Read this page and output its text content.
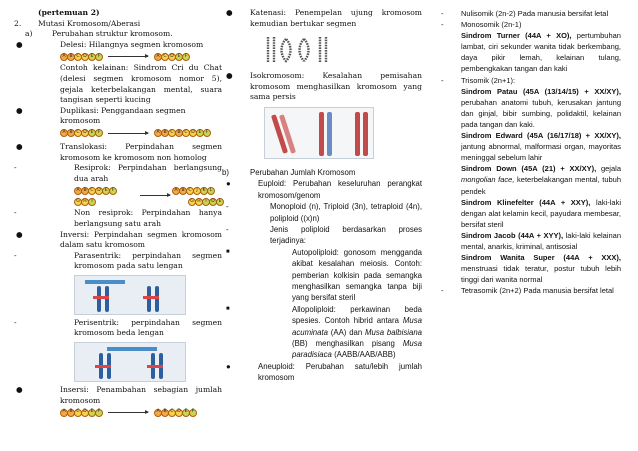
(pertemuan 2)
2. Mutasi Kromosom/Aberasi
a)	Perubahan struktur kromosom.
●	Delesi: Hilangnya segmen kromosom
A B C D E F	A C D E F
Contoh kelainan: Sindrom Cri du Chat (delesi segmen kromosom nomor 5), gejala keterbelakangan mental, suara tangisan seperti kucing
●	Duplikasi: Penggandaan segmen kromosom
A B C D E F	A B C B C D E F
●	Translokasi: Perpindahan segmen kromosom ke kromosom non homolog
-	Resiprok: Perpindahan berlangsung dua arah
A B C D E F
G H	I
A B C	J	K L
G H	I	D E
-	Non resiprok: Perpindahan hanya berlangsung satu arah
●	Inversi: Perpindahan segmen kromosom dalam satu kromosom
-	Parasentrik: perpindahan segmen kromosom pada satu lengan
-	Perisentrik: perpindahan segmen kromosom beda lengan
●	Insersi: Penambahan sebagian jumlah kromosom
A B C D E F	A B C D E F
● Katenasi: Penempelan ujung kromosom kemudian bertukar segmen
● Isokromosom: Kesalahan pemisahan kromosom menghasilkan kromosom yang sama persis
b)	Perubahan Jumlah Kromosom
●	Euploid: Perubahan keseluruhan perangkat kromosom/genom
-	Monoploid (n), Triploid (3n), tetraploid (4n), poliploid ((x)n)
-	Jenis poliploid berdasarkan proses terjadinya:
■	Autopoliploid: gonosom mengganda akibat kesalahan meiosis. Contoh: pemberian kolkisin pada semangka menghasilkan semangka tanpa biji yang bersifat steril
■	Allopoliploid: perkawinan beda spesies. Contoh hibrid antara Musa acuminata (AA) dan Musa balbisiana (BB) menghasilkan pisang Musa paradisiaca (AABB/AAB/ABB)
●	Aneuploid: Perubahan satu/lebih jumlah kromosom
- Nulisomik (2n-2) Pada manusia bersifat letal
- Monosomik (2n-1)
Sindrom Turner (44A + XO), pertumbuhan lambat, ciri sekunder wanita tidak berkembang, daya pikir lemah, kelainan tulang, pembengkakan tangan dan kaki
- Trisomik (2n+1):
Sindrom Patau (45A (13/14/15) + XX/XY), perubahan anatomi tubuh, kerusakan jantung dan ginjal, bibir sumbing, polidaktil, kelainan pada tangan dan kaki.
Sindrom Edward (45A (16/17/18) + XX/XY), jantung abnormal, malformasi organ, mayoritas meninggal sebelum lahir
Sindrom Down (45A (21) + XX/XY), gejala mongolian face, keterbelakangan mental, tubuh pendek
Sindrom Klinefelter (44A + XXY), laki-laki dengan alat kelamin kecil, payudara membesar, bersifat steril
Sindrom Jacob (44A + XYY), laki-laki kelainan mental, anarkis, kriminal, antisosial
Sindrom Wanita Super (44A + XXX), menstruasi tidak teratur, postur tubuh lebih tinggi dari wanita normal
- Tetrasomik (2n+2) Pada manusia bersifat letal
